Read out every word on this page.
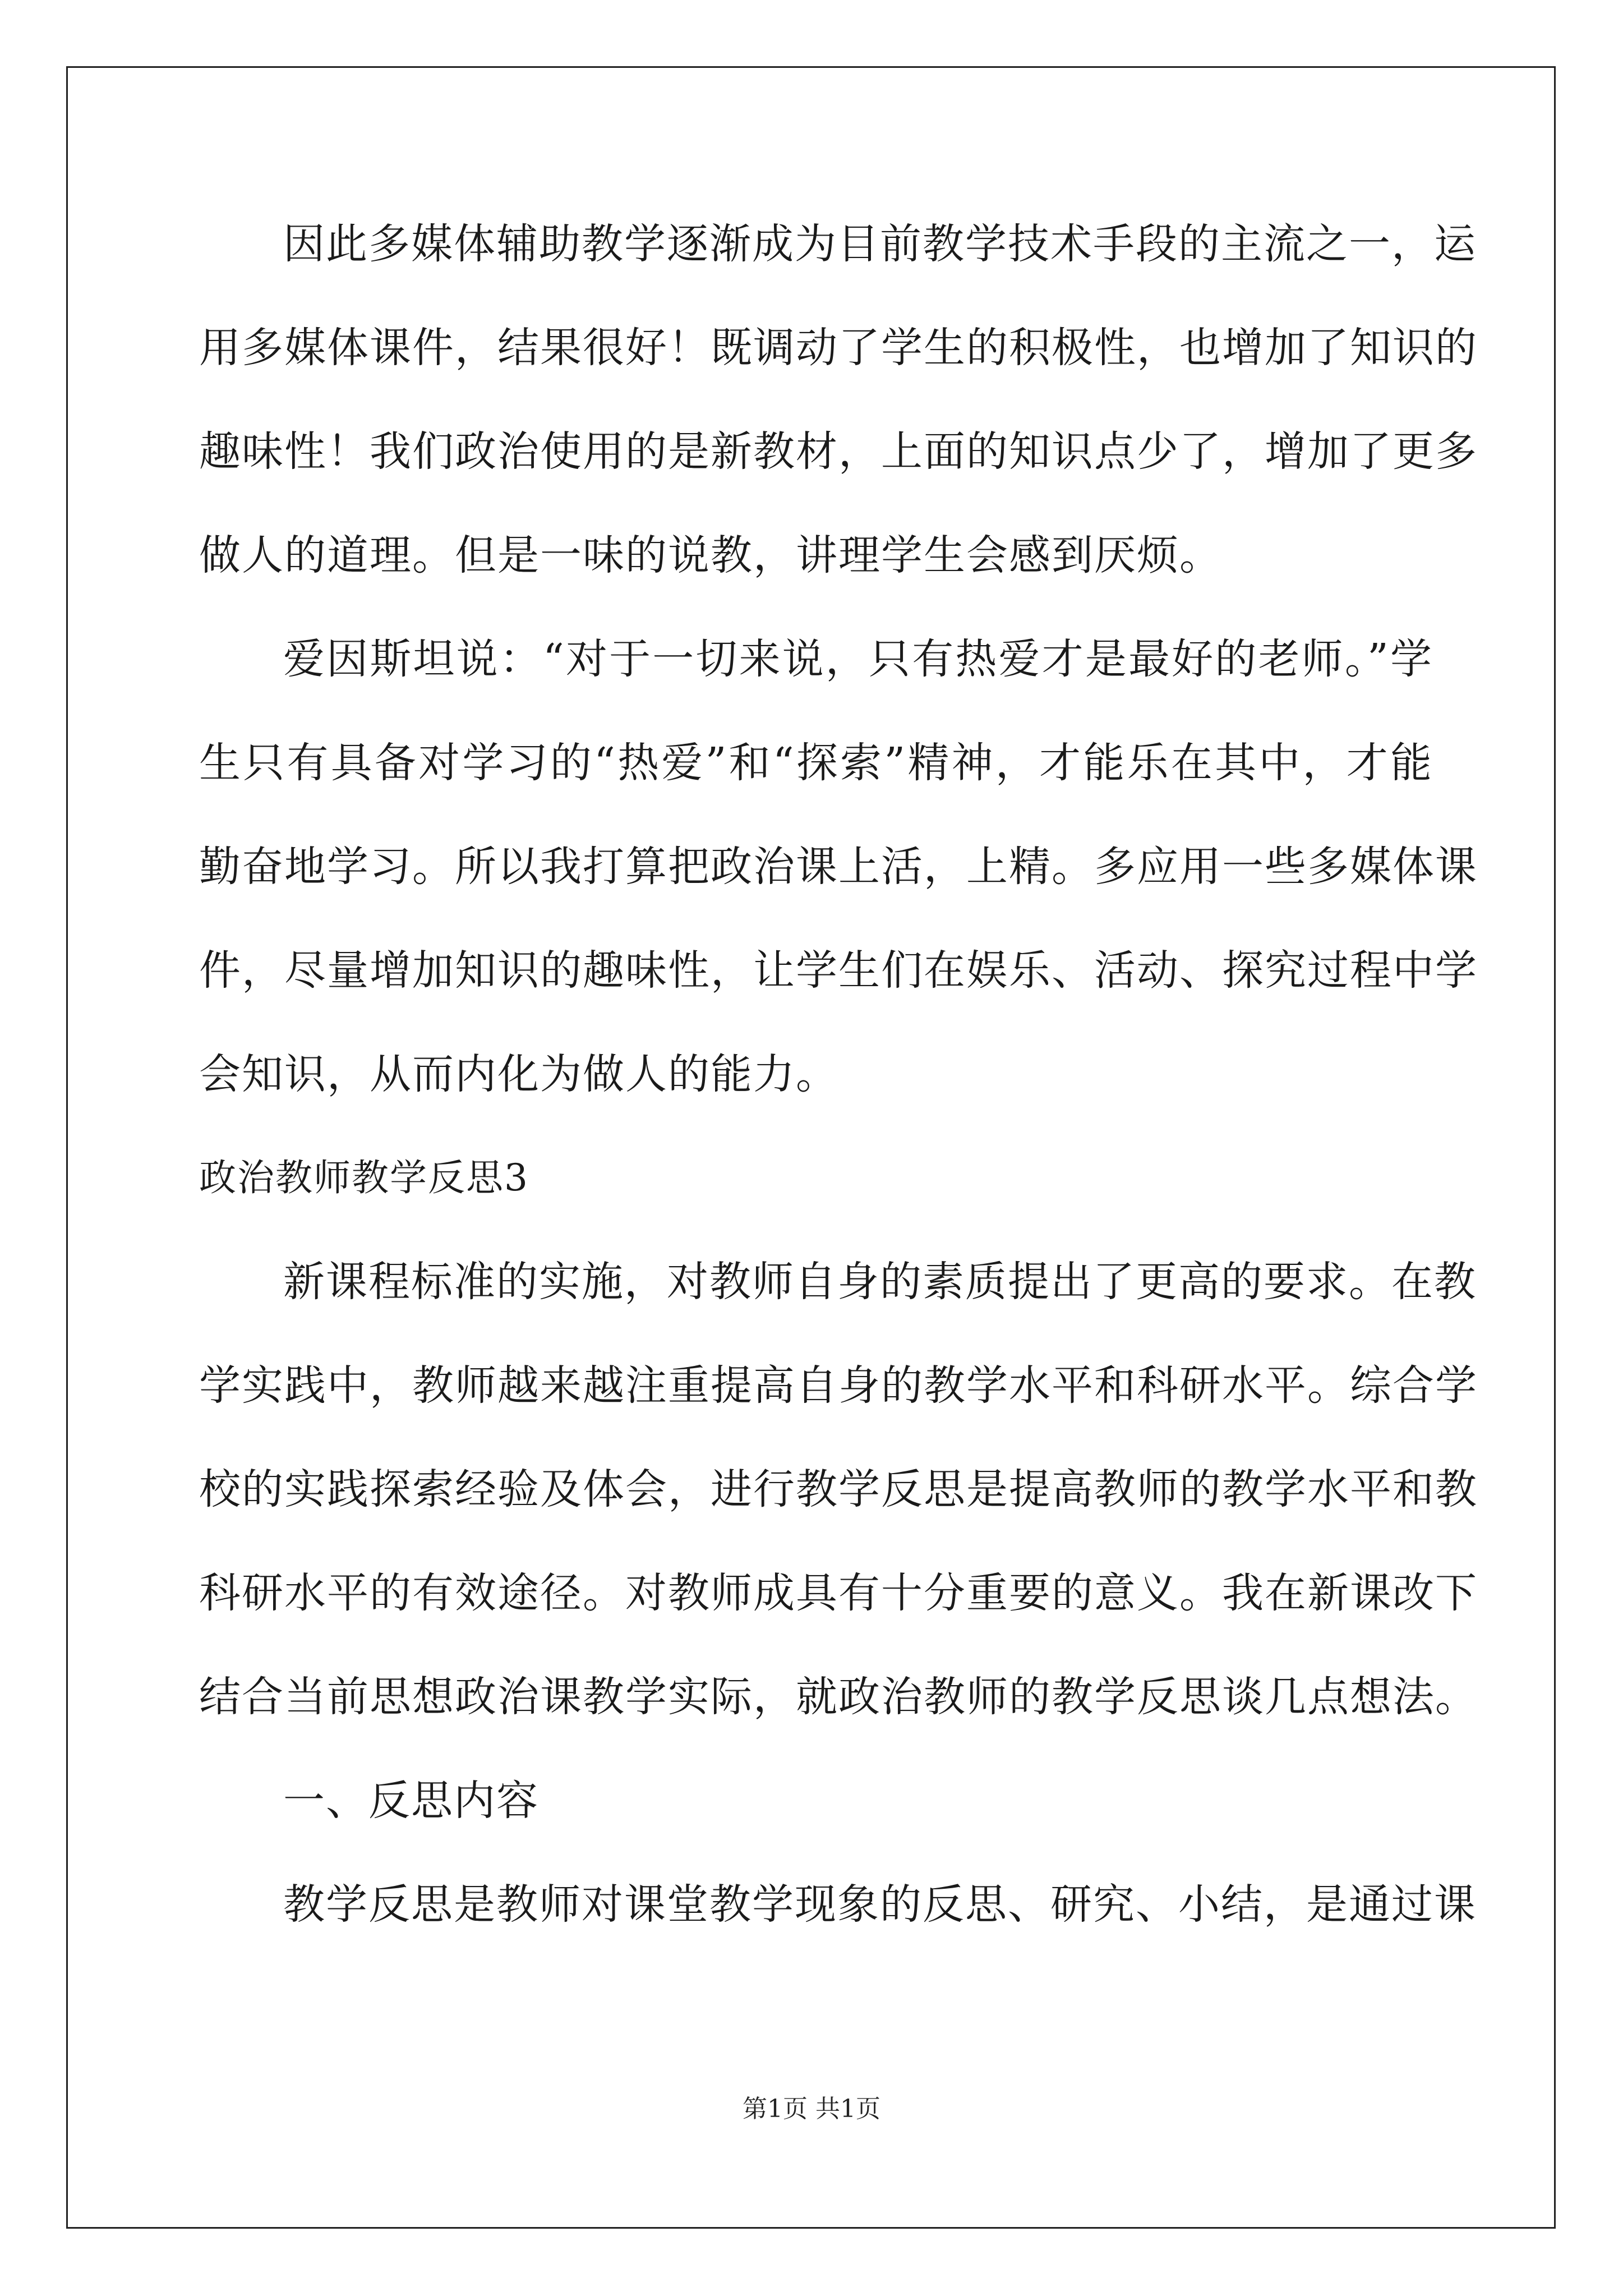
因此多媒体辅助教学逐渐成为目前教学技术手段的主流之一，运
用多媒体课件，结果很好！既调动了学生的积极性，也增加了知识的
趣味性！我们政治使用的是新教材，上面的知识点少了，增加了更多
做人的道理。但是一味的说教，讲理学生会感到厌烦。
爱因斯坦说：“对于一切来说，只有热爱才是最好的老师。”学
生只有具备对学习的“热爱”和“探索”精神，才能乐在其中，才能
勤奋地学习。所以我打算把政治课上活，上精。多应用一些多媒体课
件，尽量增加知识的趣味性，让学生们在娱乐、活动、探究过程中学
会知识，从而内化为做人的能力。
政治教师教学反思3
新课程标准的实施，对教师自身的素质提出了更高的要求。在教
学实践中，教师越来越注重提高自身的教学水平和科研水平。综合学
校的实践探索经验及体会，进行教学反思是提高教师的教学水平和教
科研水平的有效途径。对教师成具有十分重要的意义。我在新课改下
结合当前思想政治课教学实际，就政治教师的教学反思谈几点想法。
一、反思内容
教学反思是教师对课堂教学现象的反思、研究、小结，是通过课
第1页 共1页
